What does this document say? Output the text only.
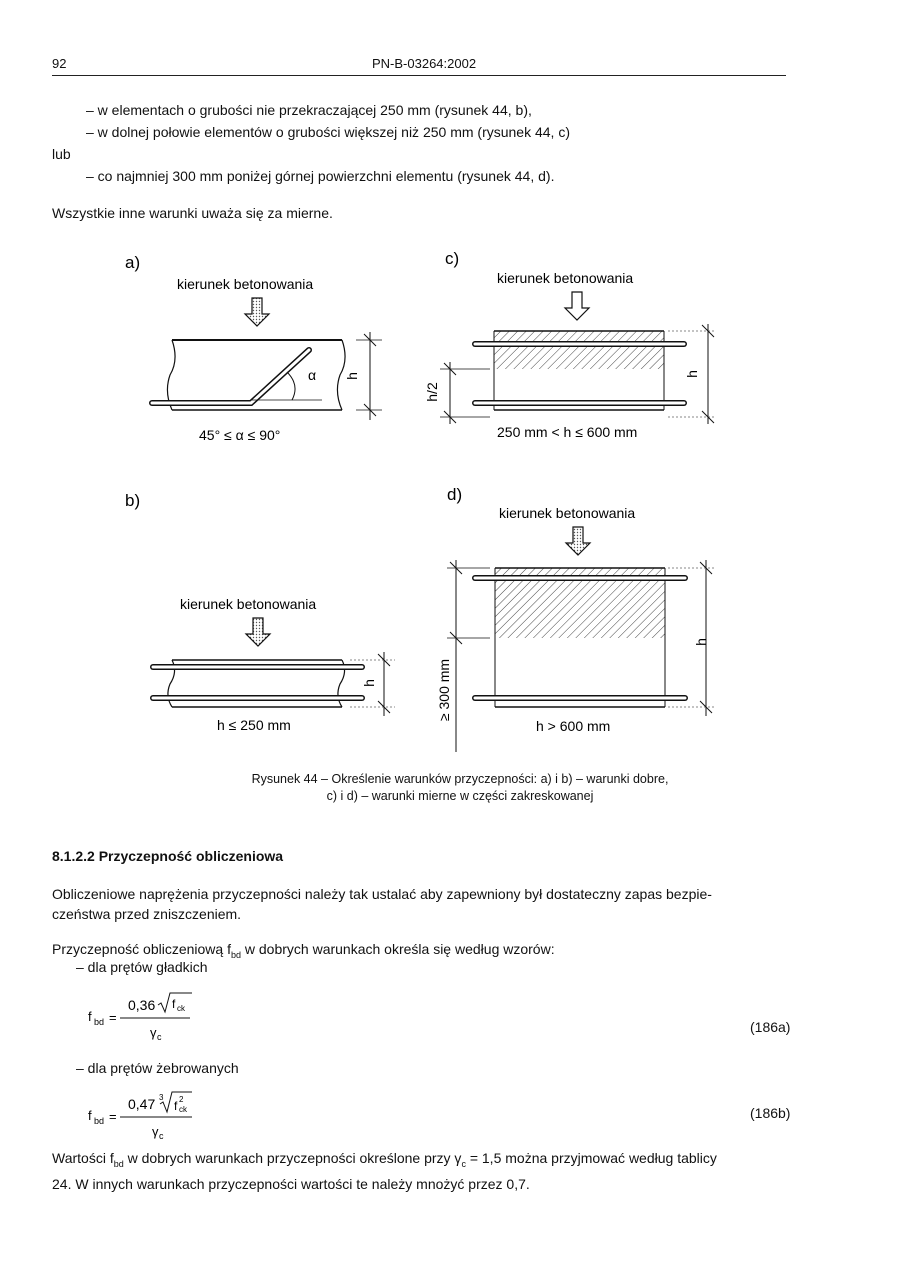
92	PN-B-03264:2002
– w elementach o grubości nie przekraczającej 250 mm (rysunek 44, b),
– w dolnej połowie elementów o grubości większej niż 250 mm (rysunek 44, c)
lub
– co najmniej 300 mm poniżej górnej powierzchni elementu (rysunek 44, d).
Wszystkie inne warunki uważa się za mierne.
a)
kierunek betonowania
α h
45° ≤ α ≤ 90°
c)
kierunek betonowania
h/2
h
250 mm < h ≤ 600 mm
b)
kierunek betonowania
h
h ≤ 250 mm
d)
kierunek betonowania
≥ 300 mm
h
h > 600 mm
Rysunek 44 – Określenie warunków przyczepności: a) i b) – warunki dobre,
c) i d) – warunki mierne w części zakreskowanej
8.1.2.2 Przyczepność obliczeniowa
Obliczeniowe naprężenia przyczepności należy tak ustalać aby zapewniony był dostateczny zapas bezpie-
czeństwa przed zniszczeniem.
Przyczepność obliczeniową $f_{bd}$ w dobrych warunkach określa się według wzorów:
– dla prętów gładkich
f bd =
0,36 f ck
γ c
(186a)
– dla prętów żebrowanych
f bd =
0,47 3
f 2
ck
γ c
(186b)
Wartości $f_{bd}$ w dobrych warunkach przyczepności określone przy $\gamma_c = 1,5$ można przyjmować według tablicy
24. W innych warunkach przyczepności wartości te należy mnożyć przez 0,7.
